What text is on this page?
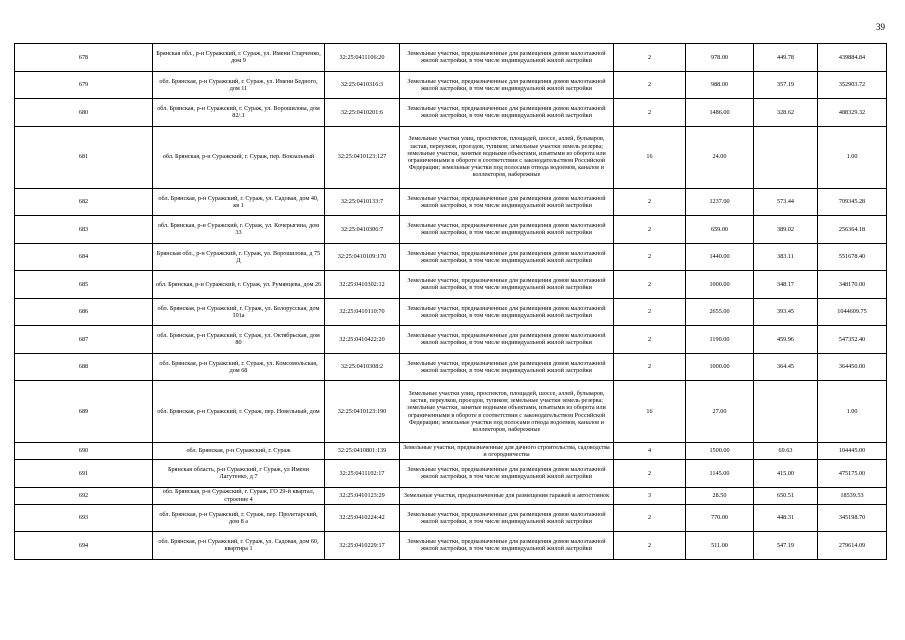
39
678	Брянская обл., р-н Суражский, г. Сураж, ул. Имени Старченко, дом 9	32:25:0411106:20	Земельные участки, предназначенные для размещения домов малоэтажной жилой застройки, в том числе индивидуальной жилой застройки	2	978.00	449.78	439884.84
679	обл. Брянская, р-н Суражский, г. Сураж, ул. Имени Бедного, дом 11	32:25:0410316:3	Земельные участки, предназначенные для размещения домов малоэтажной жилой застройки, в том числе индивидуальной жилой застройки	2	988.00	357.19	352903.72
680	обл. Брянская, р-н Суражский, г. Сураж, ул. Ворошилова, дом 82/.1	32:25:0410201:6	Земельные участки, предназначенные для размещения домов малоэтажной жилой застройки, в том числе индивидуальной жилой застройки	2	1486.00	328.62	488329.32
681	обл. Брянская, р-н Суражский, г. Сураж, пер. Вокзальный	32:25:0410123:127	Земельные участки улиц, проспектов, площадей, шоссе, аллей, бульваров, застав, переулков, проездов, тупиков; земельные участки земель резерва; земельные участки, занятые водными объектами, изъятыми из оборота или ограниченными в обороте в соответствии с законодательством Российской Федерации; земельные участки под полосами отвода водоемов, каналов и коллекторов, набережные	16	24.00		1.00
682	обл. Брянская, р-н Суражский, г. Сураж, ул. Садовая, дом 40, кв 1	32:25:0410133:7	Земельные участки, предназначенные для размещения домов малоэтажной жилой застройки, в том числе индивидуальной жилой застройки	2	1237.00	573.44	709345.28
683	обл. Брянская, р-н Суражский, г. Сураж, ул. Кочерыгина, дом 33	32:25:0410306:7	Земельные участки, предназначенные для размещения домов малоэтажной жилой застройки, в том числе индивидуальной жилой застройки	2	659.00	389.02	256364.18
684	Брянская обл., р-н Суражский, г. Сураж, ул. Ворошилова, д 75 Д	32:25:0410109:170	Земельные участки, предназначенные для размещения домов малоэтажной жилой застройки, в том числе индивидуальной жилой застройки	2	1440.00	383.11	551678.40
685	обл. Брянская, р-н Суражский, г. Сураж, ул. Румянцева, дом 26	32:25:0410302:12	Земельные участки, предназначенные для размещения домов малоэтажной жилой застройки, в том числе индивидуальной жилой застройки	2	1000.00	348.17	348170.00
686	обл. Брянская, р-н Суражский, г. Сураж, ул. Белорусская, дом 101а	32:25:0410110:70	Земельные участки, предназначенные для размещения домов малоэтажной жилой застройки, в том числе индивидуальной жилой застройки	2	2655.00	393.45	1044609.75
687	обл. Брянская, р-н Суражский, г. Сураж, ул. Октябрьская, дом 80	32:25:0410422:20	Земельные участки, предназначенные для размещения домов малоэтажной жилой застройки, в том числе индивидуальной жилой застройки	2	1190.00	459.96	547352.40
688	обл. Брянская, р-н Суражский, г. Сураж, ул. Комсомольская, дом 68	32:25:0410308:2	Земельные участки, предназначенные для размещения домов малоэтажной жилой застройки, в том числе индивидуальной жилой застройки	2	1000.00	364.45	364450.00
689	обл. Брянская, р-н Суражский, г. Сураж, пер. Новельный, дом	32:25:0410123:190	Земельные участки улиц, проспектов, площадей, шоссе, аллей, бульваров, застав, переулков, проездов, тупиков; земельные участки земель резерва; земельные участки, занятые водными объектами, изъятыми из оборота или ограниченными в обороте в соответствии с законодательством Российской Федерации; земельные участки под полосами отвода водоемов, каналов и коллекторов, набережные	16	27.00		1.00
690	обл. Брянская, р-н Суражский, г. Сураж	32:25:0410801:139	Земельные участки, предназначенные для дачного строительства, садоводства и огородничества	4	1500.00	69.63	104445.00
691	Брянская область, р-н Суражский, г Сураж, ул Имени Лагутенко, д 7	32:25:0411102:17	Земельные участки, предназначенные для размещения домов малоэтажной жилой застройки, в том числе индивидуальной жилой застройки	2	1145.00	415.00	475175.00
692	обл. Брянская, р-н Суражский, г. Сураж, ГО 29-й квартал, строение 4	32:25:0410123:29	Земельные участки, предназначенные для размещения гаражей и автостоянок	3	28.50	650.51	18539.53
693	обл. Брянская, р-н Суражский, г. Сураж, пер. Пролетарский, дом 8 а	32:25:0410224:42	Земельные участки, предназначенные для размещения домов малоэтажной жилой застройки, в том числе индивидуальной жилой застройки	2	770.00	448.31	345198.70
694	обл. Брянская, р-н Суражский, г. Сураж, ул. Садовая, дом 60, квартира 1	32:25:0410229:17	Земельные участки, предназначенные для размещения домов малоэтажной жилой застройки, в том числе индивидуальной жилой застройки	2	511.00	547.19	279614.09
